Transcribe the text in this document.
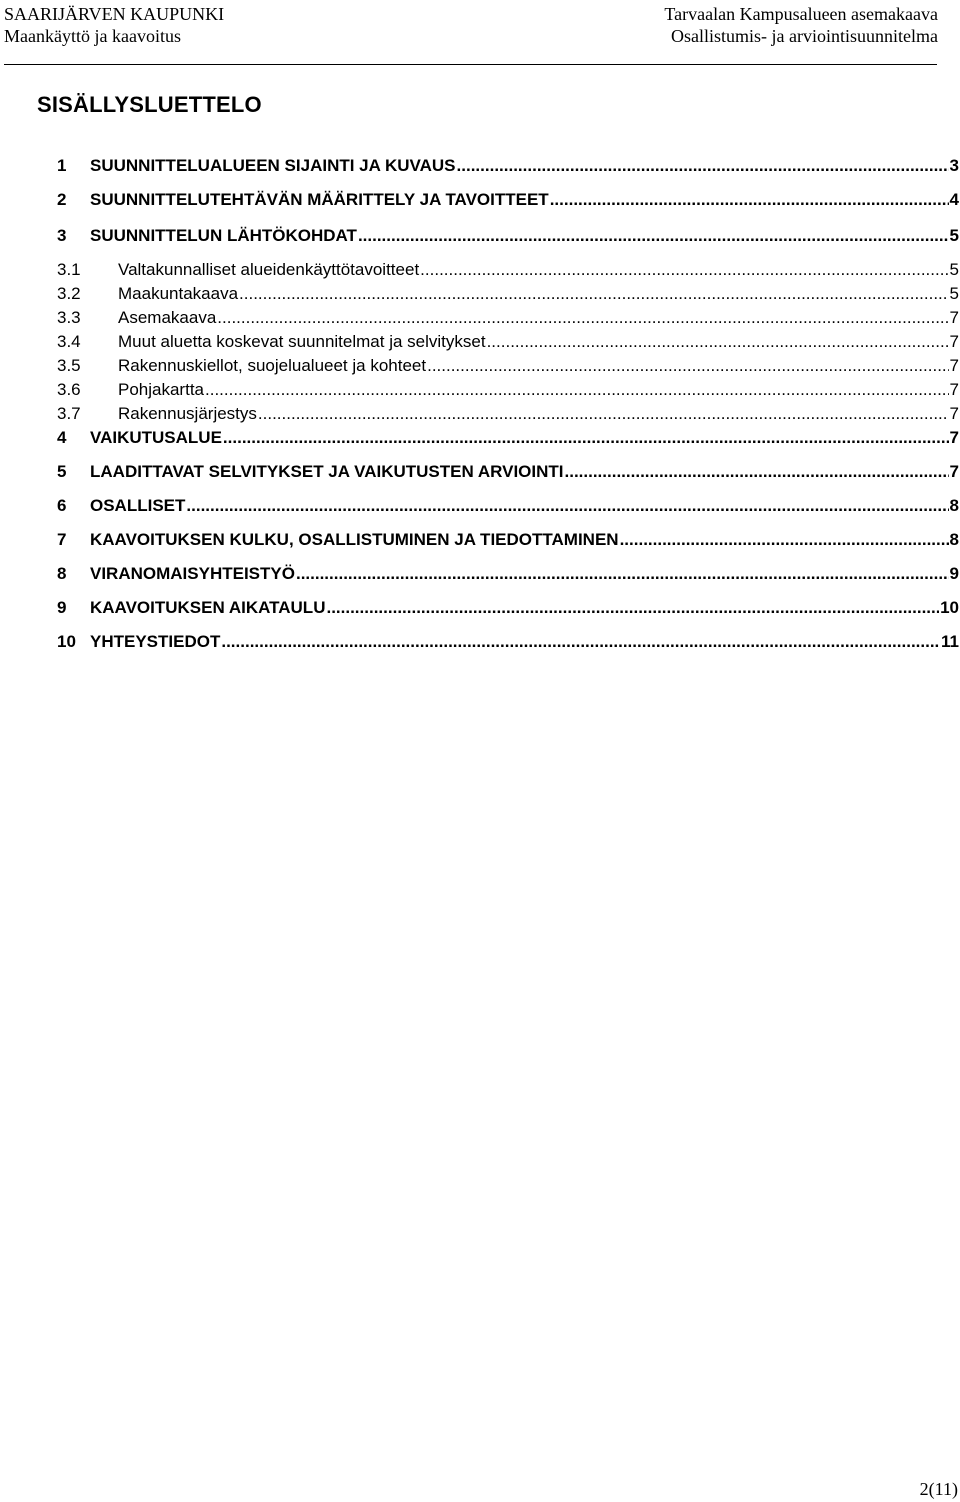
SAARIJÄRVEN KAUPUNKI
Maankäyttö ja kaavoitus
Tarvaalan Kampusalueen asemakaava
Osallistumis- ja arviointisuunnitelma
SISÄLLYSLUETTELO
1	SUUNNITTELUALUEEN SIJAINTI JA KUVAUS .....	3
2	SUUNNITTELUTEHTÄVÄN MÄÄRITTELY JA TAVOITTEET .....	4
3	SUUNNITTELUN LÄHTÖKOHDAT .....	5
3.1	Valtakunnalliset alueidenkäyttötavoitteet .....	5
3.2	Maakuntakaava .....	5
3.3	Asemakaava .....	7
3.4	Muut aluetta koskevat suunnitelmat ja selvitykset .....	7
3.5	Rakennuskiellot, suojelualueet ja kohteet .....	7
3.6	Pohjakartta .....	7
3.7	Rakennusjärjestys .....	7
4	VAIKUTUSALUE .....	7
5	LAADITTAVAT SELVITYKSET JA VAIKUTUSTEN ARVIOINTI .....	7
6	OSALLISET .....	8
7	KAAVOITUKSEN KULKU, OSALLISTUMINEN JA TIEDOTTAMINEN .....	8
8	VIRANOMAISYHTEISTYÖ .....	9
9	KAAVOITUKSEN AIKATAULU .....	10
10 YHTEYSTIEDOT .....	11
2(11)
